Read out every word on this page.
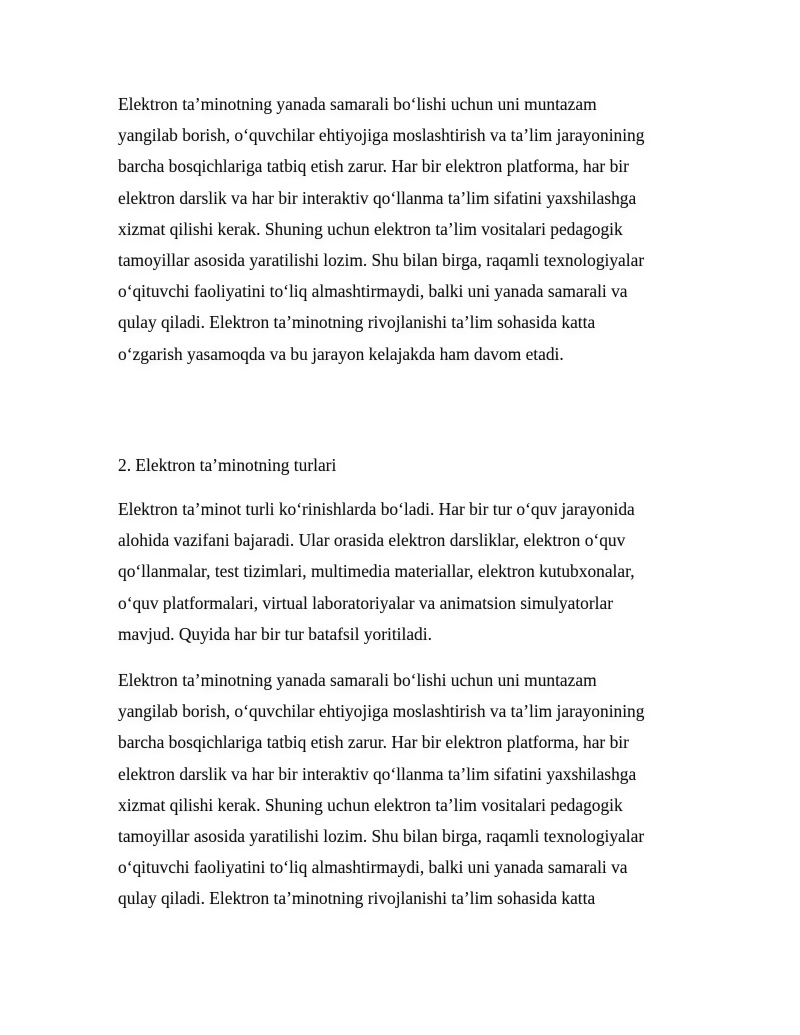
Elektron ta’minotning yanada samarali bo‘lishi uchun uni muntazam
yangilab borish, o‘quvchilar ehtiyojiga moslashtirish va ta’lim jarayonining
barcha bosqichlariga tatbiq etish zarur. Har bir elektron platforma, har bir
elektron darslik va har bir interaktiv qo‘llanma ta’lim sifatini yaxshilashga
xizmat qilishi kerak. Shuning uchun elektron ta’lim vositalari pedagogik
tamoyillar asosida yaratilishi lozim. Shu bilan birga, raqamli texnologiyalar
o‘qituvchi faoliyatini to‘liq almashtirmaydi, balki uni yanada samarali va
qulay qiladi. Elektron ta’minotning rivojlanishi ta’lim sohasida katta
o‘zgarish yasamoqda va bu jarayon kelajakda ham davom etadi.
2. Elektron ta’minotning turlari
Elektron ta’minot turli ko‘rinishlarda bo‘ladi. Har bir tur o‘quv jarayonida
alohida vazifani bajaradi. Ular orasida elektron darsliklar, elektron o‘quv
qo‘llanmalar, test tizimlari, multimedia materiallar, elektron kutubxonalar,
o‘quv platformalari, virtual laboratoriyalar va animatsion simulyatorlar
mavjud. Quyida har bir tur batafsil yoritiladi.
Elektron ta’minotning yanada samarali bo‘lishi uchun uni muntazam
yangilab borish, o‘quvchilar ehtiyojiga moslashtirish va ta’lim jarayonining
barcha bosqichlariga tatbiq etish zarur. Har bir elektron platforma, har bir
elektron darslik va har bir interaktiv qo‘llanma ta’lim sifatini yaxshilashga
xizmat qilishi kerak. Shuning uchun elektron ta’lim vositalari pedagogik
tamoyillar asosida yaratilishi lozim. Shu bilan birga, raqamli texnologiyalar
o‘qituvchi faoliyatini to‘liq almashtirmaydi, balki uni yanada samarali va
qulay qiladi. Elektron ta’minotning rivojlanishi ta’lim sohasida katta
